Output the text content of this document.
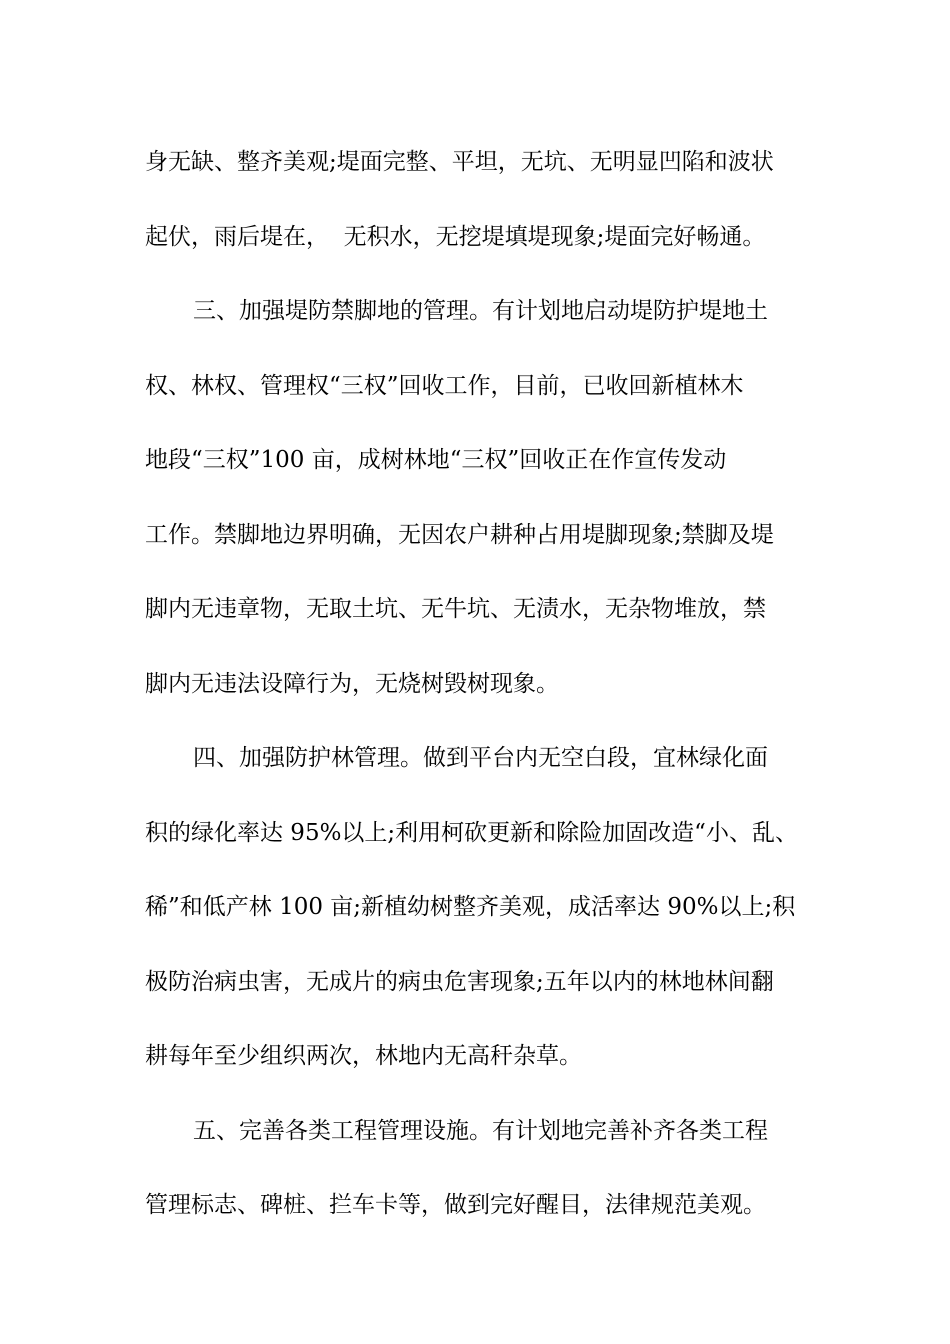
身无缺、整齐美观;堤面完整、平坦，无坑、无明显凹陷和波状
起伏，雨后堤在，  无积水，无挖堤填堤现象;堤面完好畅通。
三、加强堤防禁脚地的管理。有计划地启动堤防护堤地土
权、林权、管理权“三权”回收工作，目前，已收回新植林木
地段“三权”100 亩，成树林地“三权”回收正在作宣传发动
工作。禁脚地边界明确，无因农户耕种占用堤脚现象;禁脚及堤
脚内无违章物，无取土坑、无牛坑、无渍水，无杂物堆放，禁
脚内无违法设障行为，无烧树毁树现象。
四、加强防护林管理。做到平台内无空白段，宜林绿化面
积的绿化率达 95%以上;利用柯砍更新和除险加固改造“小、乱、
稀”和低产林 100 亩;新植幼树整齐美观，成活率达 90%以上;积
极防治病虫害，无成片的病虫危害现象;五年以内的林地林间翻
耕每年至少组织两次，林地内无高秆杂草。
五、完善各类工程管理设施。有计划地完善补齐各类工程
管理标志、碑桩、拦车卡等，做到完好醒目，法律规范美观。
